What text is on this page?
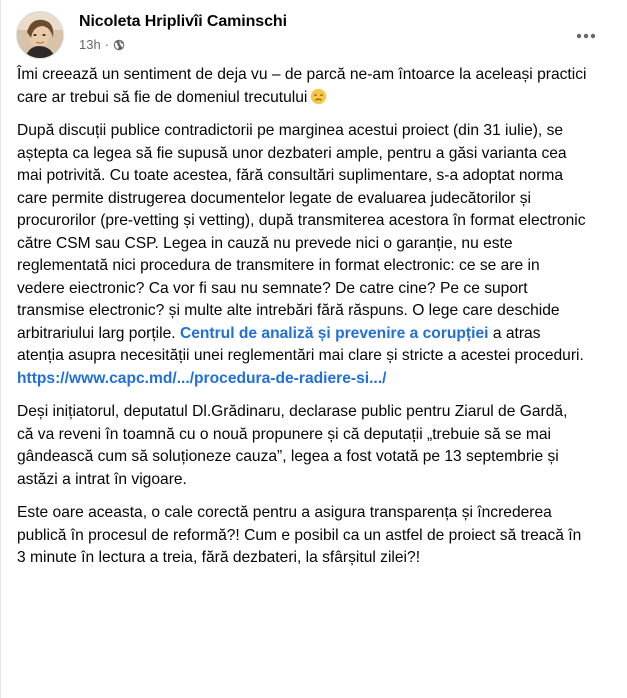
Nicoleta Hriplivîi Caminschi
13h ·

Îmi creează un sentiment de deja vu – de parcă ne-am întoarce la aceleași practici care ar trebui să fie de domeniul trecutului

După discuții publice contradictorii pe marginea acestui proiect (din 31 iulie), se aștepta ca legea să fie supusă unor dezbateri ample, pentru a găsi varianta cea mai potrivită. Cu toate acestea, fără consultări suplimentare, s-a adoptat norma care permite distrugerea documentelor legate de evaluarea judecătorilor și procurorilor (pre-vetting și vetting), după transmiterea acestora în format electronic către CSM sau CSP. Legea in cauză nu prevede nici o garanție, nu este reglementată nici procedura de transmitere in format electronic: ce se are in vedere eiectronic? Ca vor fi sau nu semnate? De catre cine? Pe ce suport transmise electronic? și multe alte intrebări fără răspuns. O lege care deschide arbitrariului larg porțile. Centrul de analiză și prevenire a corupției a atras atenția asupra necesității unei reglementări mai clare și stricte a acestei proceduri. https://www.capc.md/.../procedura-de-radiere-si.../

Deși inițiatorul, deputatul Dl.Grădinaru, declarase public pentru Ziarul de Gardă, că va reveni în toamnă cu o nouă propunere și că deputații „trebuie să se mai gândească cum să soluționeze cauza”, legea a fost votată pe 13 septembrie și astăzi a intrat în vigoare.

Este oare aceasta, o cale corectă pentru a asigura transparența și încrederea publică în procesul de reformă?! Cum e posibil ca un astfel de proiect să treacă în 3 minute în lectura a treia, fără dezbateri, la sfârșitul zilei?!
